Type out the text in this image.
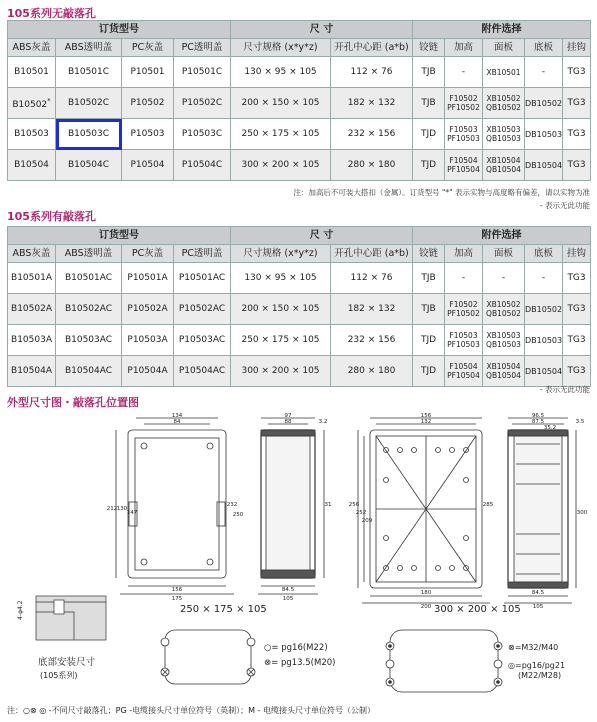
105系列无敲落孔
订货型号				尺 寸		附件选择				
ABS灰盖	ABS透明盖	PC灰盖	PC透明盖	尺寸规格 (x*y*z)	开孔中心距 (a*b)	铰链	加高	面板	底板	挂钩
B10501	B10501C	P10501	P10501C	130 × 95 × 105	112 × 76	TJB	-	XB10501	-	TG3
B10502*	B10502C	P10502	P10502C	200 × 150 × 105	182 × 132	TJB	F10502 PF10502	XB10502 QB10502	DB10502	TG3
B10503	B10503C	P10503	P10503C	250 × 175 × 105	232 × 156	TJD	F10503 PF10503	XB10503 QB10503	DB10503	TG3
B10504	B10504C	P10504	P10504C	300 × 200 × 105	280 × 180	TJD	F10504 PF10504	XB10504 QB10504	DB10504	TG3
注：加高后不可装大搭扣（金属）。订货型号 "*" 表示实物与高度略有偏差，请以实物为准
- 表示无此功能
105系列有敲落孔
订货型号				尺 寸		附件选择				
ABS灰盖	ABS透明盖	PC灰盖	PC透明盖	尺寸规格 (x*y*z)	开孔中心距 (a*b)	铰链	加高	面板	底板	挂钩
B10501A	B10501AC	P10501A	P10501AC	130 × 95 × 105	112 × 76	TJB	-	-	-	TG3
B10502A	B10502AC	P10502A	P10502AC	200 × 150 × 105	182 × 132	TJB	F10502 PF10502	XB10502 QB10502	DB10502	TG3
B10503A	B10503AC	P10503A	P10503AC	250 × 175 × 105	232 × 156	TJD	F10503 PF10503	XB10503 QB10503	DB10503	TG3
B10504A	B10504AC	P10504A	P10504AC	300 × 200 × 105	280 × 180	TJD	F10504 PF10504	XB10504 QB10504	DB10504	TG3
- 表示无此功能
外型尺寸图・敲落孔位置图
134
84
97
88	3.2
212 130
147
232
250
156
175
84.5
105
31
250 × 175 × 105
156
132
96.5
87.5
35.2
3.5
256
252
209
285
300
180
200	105
84.5
300 × 200 × 105
4-φ4.2
底部安装尺寸
(105系列)
○= pg16(M22)
⊗= pg13.5(M20)
⊗=M32/M40
◎=pg16/pg21
(M22/M28)
注：○⊗ ◎ -不同尺寸敲落孔；PG -电缆接头尺寸单位符号（英制）；M - 电缆接头尺寸单位符号（公制）
